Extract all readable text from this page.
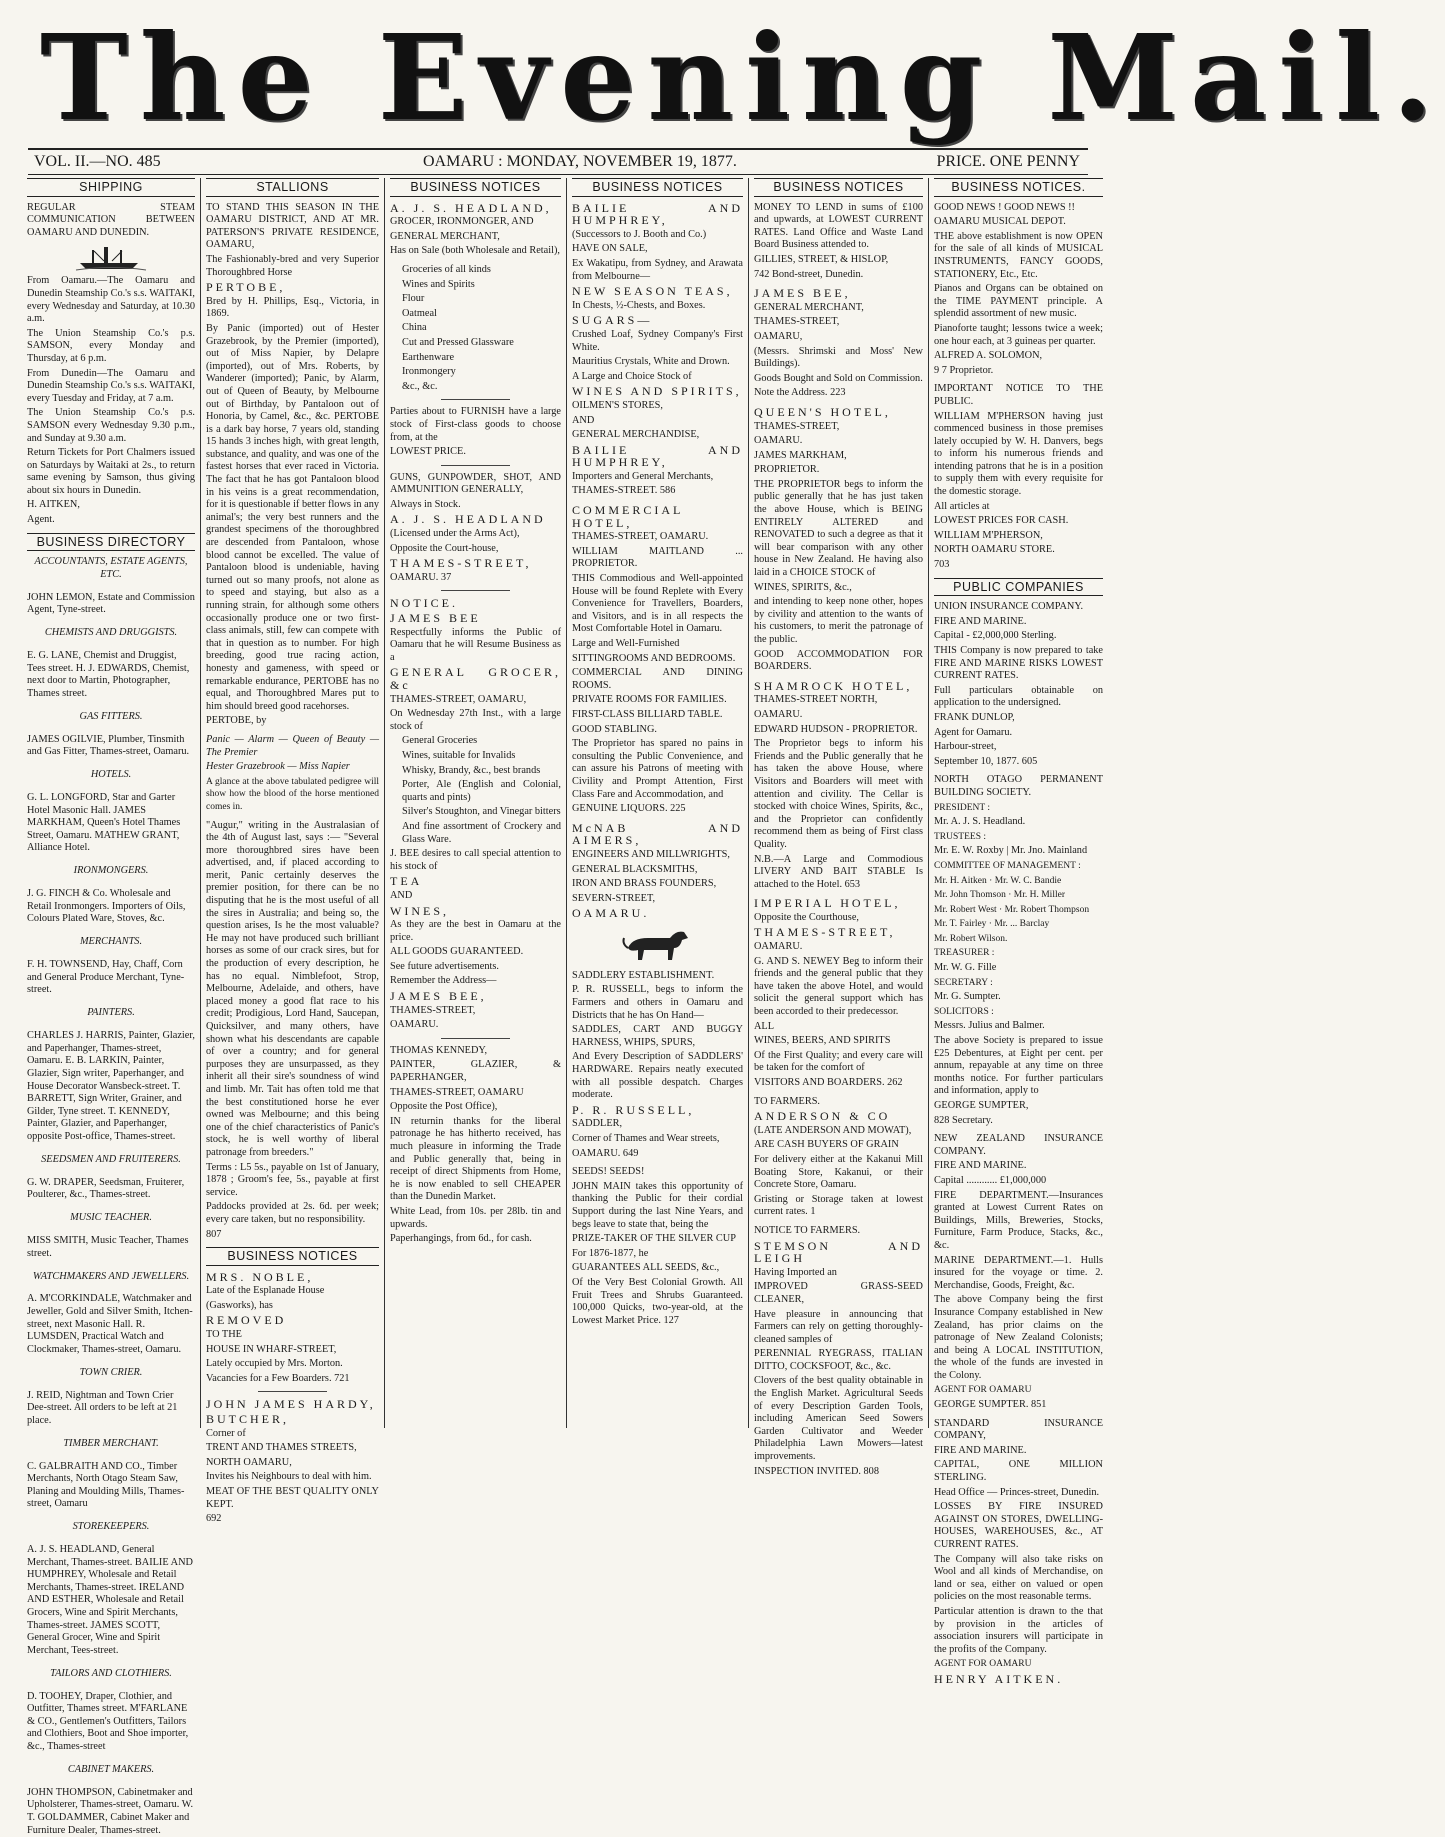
The Evening Mail.
VOL. II.—NO. 485	OAMARU : MONDAY, NOVEMBER 19, 1877.	PRICE. ONE PENNY
SHIPPING

REGULAR STEAM COMMUNICATION BETWEEN OAMARU AND DUNEDIN.

From Oamaru.—The Oamaru and Dunedin Steamship Co.'s s.s. WAITAKI, every Wednesday and Saturday, at 10.30 a.m.

The Union Steamship Co.'s p.s. SAMSON, every Monday and Thursday, at 6 p.m.

From Dunedin—The Oamaru and Dunedin Steamship Co.'s s.s. WAITAKI, every Tuesday and Friday, at 7 a.m.

The Union Steamship Co.'s p.s. SAMSON every Wednesday 9.30 p.m., and Sunday at 9.30 a.m.

Return Tickets for Port Chalmers issued on Saturdays by Waitaki at 2s., to return same evening by Samson, thus giving about six hours in Dunedin.

H. AITKEN,

Agent.

BUSINESS DIRECTORY
ACCOUNTANTS, ESTATE AGENTS, ETC.

JOHN LEMON, Estate and Commission Agent, Tyne-street.

CHEMISTS AND DRUGGISTS.

E. G. LANE, Chemist and Druggist, Tees street. H. J. EDWARDS, Chemist, next door to Martin, Photographer, Thames street.

GAS FITTERS.

JAMES OGILVIE, Plumber, Tinsmith and Gas Fitter, Thames-street, Oamaru.

HOTELS.

G. L. LONGFORD, Star and Garter Hotel Masonic Hall. JAMES MARKHAM, Queen's Hotel Thames Street, Oamaru. MATHEW GRANT, Alliance Hotel.

IRONMONGERS.

J. G. FINCH & Co. Wholesale and Retail Ironmongers. Importers of Oils, Colours Plated Ware, Stoves, &c.

MERCHANTS.

F. H. TOWNSEND, Hay, Chaff, Corn and General Produce Merchant, Tyne-street.

PAINTERS.

CHARLES J. HARRIS, Painter, Glazier, and Paperhanger, Thames-street, Oamaru. E. B. LARKIN, Painter, Glazier, Sign writer, Paperhanger, and House Decorator Wansbeck-street. T. BARRETT, Sign Writer, Grainer, and Gilder, Tyne street. T. KENNEDY, Painter, Glazier, and Paperhanger, opposite Post-office, Thames-street.

SEEDSMEN AND FRUITERERS.

G. W. DRAPER, Seedsman, Fruiterer, Poulterer, &c., Thames-street.

MUSIC TEACHER.

MISS SMITH, Music Teacher, Thames street.

WATCHMAKERS AND JEWELLERS.

A. M'CORKINDALE, Watchmaker and Jeweller, Gold and Silver Smith, Itchen-street, next Masonic Hall. R. LUMSDEN, Practical Watch and Clockmaker, Thames-street, Oamaru.

TOWN CRIER.

J. REID, Nightman and Town Crier Dee-street. All orders to be left at 21 place.

TIMBER MERCHANT.

C. GALBRAITH AND CO., Timber Merchants, North Otago Steam Saw, Planing and Moulding Mills, Thames-street, Oamaru

STOREKEEPERS.

A. J. S. HEADLAND, General Merchant, Thames-street. BAILIE AND HUMPHREY, Wholesale and Retail Merchants, Thames-street. IRELAND AND ESTHER, Wholesale and Retail Grocers, Wine and Spirit Merchants, Thames-street. JAMES SCOTT, General Grocer, Wine and Spirit Merchant, Tees-street.

TAILORS AND CLOTHIERS.

D. TOOHEY, Draper, Clothier, and Outfitter, Thames street. M'FARLANE & CO., Gentlemen's Outfitters, Tailors and Clothiers, Boot and Shoe importer, &c., Thames-street

CABINET MAKERS.

JOHN THOMPSON, Cabinetmaker and Upholsterer, Thames-street, Oamaru. W. T. GOLDAMMER, Cabinet Maker and Furniture Dealer, Thames-street.

STALLIONS

TO STAND THIS SEASON IN THE OAMARU DISTRICT, AND AT MR. PATERSON'S PRIVATE RESIDENCE, OAMARU,

The Fashionably-bred and very Superior Thoroughbred Horse

PERTOBE,

Bred by H. Phillips, Esq., Victoria, in 1869.

By Panic (imported) out of Hester Grazebrook, by the Premier (imported), out of Miss Napier, by Delapre (imported), out of Mrs. Roberts, by Wanderer (imported); Panic, by Alarm, out of Queen of Beauty, by Melbourne out of Birthday, by Pantaloon out of Honoria, by Camel, &c., &c. PERTOBE is a dark bay horse, 7 years old, standing 15 hands 3 inches high, with great length, substance, and quality, and was one of the fastest horses that ever raced in Victoria. The fact that he has got Pantaloon blood in his veins is a great recommendation, for it is questionable if better flows in any animal's; the very best runners and the grandest specimens of the thoroughbred are descended from Pantaloon, whose blood cannot be excelled. The value of Pantaloon blood is undeniable, having turned out so many proofs, not alone as to speed and staying, but also as a running strain, for although some others occasionally produce one or two first-class animals, still, few can compete with that in question as to number. For high breeding, good true racing action, honesty and gameness, with speed or remarkable endurance, PERTOBE has no equal, and Thoroughbred Mares put to him should breed good racehorses.

PERTOBE, by

Panic — Alarm — Queen of Beauty — The Premier

Hester Grazebrook — Miss Napier

A glance at the above tabulated pedigree will show how the blood of the horse mentioned comes in.

"Augur," writing in the Australasian of the 4th of August last, says :— "Several more thoroughbred sires have been advertised, and, if placed according to merit, Panic certainly deserves the premier position, for there can be no disputing that he is the most useful of all the sires in Australia; and being so, the question arises, Is he the most valuable? He may not have produced such brilliant horses as some of our crack sires, but for the production of every description, he has no equal. Nimblefoot, Strop, Melbourne, Adelaide, and others, have placed money a good flat race to his credit; Prodigious, Lord Hand, Saucepan, Quicksilver, and many others, have shown what his descendants are capable of over a country; and for general purposes they are unsurpassed, as they inherit all their sire's soundness of wind and limb. Mr. Tait has often told me that the best constitutioned horse he ever owned was Melbourne; and this being one of the chief characteristics of Panic's stock, he is well worthy of liberal patronage from breeders."

Terms : L5 5s., payable on 1st of January, 1878 ; Groom's fee, 5s., payable at first service.

Paddocks provided at 2s. 6d. per week; every care taken, but no responsibility.

807

BUSINESS NOTICES

MRS. NOBLE,

Late of the Esplanade House

(Gasworks), has

REMOVED

TO THE

HOUSE IN WHARF-STREET,

Lately occupied by Mrs. Morton.

Vacancies for a Few Boarders. 721

JOHN JAMES HARDY,

BUTCHER,

Corner of

TRENT AND THAMES STREETS,

NORTH OAMARU,

Invites his Neighbours to deal with him.

MEAT OF THE BEST QUALITY ONLY KEPT.

692

BUSINESS NOTICES

A. J. S. HEADLAND,

GROCER, IRONMONGER, AND

GENERAL MERCHANT,

Has on Sale (both Wholesale and Retail),

Groceries of all kinds

Wines and Spirits

Flour

Oatmeal

China

Cut and Pressed Glassware

Earthenware

Ironmongery

&c., &c.

Parties about to FURNISH have a large stock of First-class goods to choose from, at the

LOWEST PRICE.

GUNS, GUNPOWDER, SHOT, AND AMMUNITION GENERALLY,

Always in Stock.

A. J. S. HEADLAND

(Licensed under the Arms Act),

Opposite the Court-house,

THAMES-STREET,

OAMARU. 37

NOTICE.

JAMES BEE

Respectfully informs the Public of Oamaru that he will Resume Business as a

GENERAL GROCER, &c

THAMES-STREET, OAMARU,

On Wednesday 27th Inst., with a large stock of

General Groceries

Wines, suitable for Invalids

Whisky, Brandy, &c., best brands

Porter, Ale (English and Colonial, quarts and pints)

Silver's Stoughton, and Vinegar bitters

And fine assortment of Crockery and Glass Ware.

J. BEE desires to call special attention to his stock of

TEA

AND

WINES,

As they are the best in Oamaru at the price.

ALL GOODS GUARANTEED.

See future advertisements.

Remember the Address—

JAMES BEE,

THAMES-STREET,

OAMARU.

THOMAS KENNEDY,

PAINTER, GLAZIER, & PAPERHANGER,

THAMES-STREET, OAMARU

Opposite the Post Office),

IN returnin thanks for the liberal patronage he has hitherto received, has much pleasure in informing the Trade and Public generally that, being in receipt of direct Shipments from Home, he is now enabled to sell CHEAPER than the Dunedin Market.

White Lead, from 10s. per 28lb. tin and upwards.

Paperhangings, from 6d., for cash.

BUSINESS NOTICES

BAILIE AND HUMPHREY,

(Successors to J. Booth and Co.)

HAVE ON SALE,

Ex Wakatipu, from Sydney, and Arawata from Melbourne—

NEW SEASON TEAS,

In Chests, ½-Chests, and Boxes.

SUGARS—

Crushed Loaf, Sydney Company's First White.

Mauritius Crystals, White and Drown.

A Large and Choice Stock of

WINES AND SPIRITS,

OILMEN'S STORES,

AND

GENERAL MERCHANDISE,

BAILIE AND HUMPHREY,

Importers and General Merchants,

THAMES-STREET. 586

COMMERCIAL HOTEL,

THAMES-STREET, OAMARU.

WILLIAM MAITLAND ... PROPRIETOR.

THIS Commodious and Well-appointed House will be found Replete with Every Convenience for Travellers, Boarders, and Visitors, and is in all respects the Most Comfortable Hotel in Oamaru.

Large and Well-Furnished

SITTINGROOMS AND BEDROOMS.

COMMERCIAL AND DINING ROOMS.

PRIVATE ROOMS FOR FAMILIES.

FIRST-CLASS BILLIARD TABLE.

GOOD STABLING.

The Proprietor has spared no pains in consulting the Public Convenience, and can assure his Patrons of meeting with Civility and Prompt Attention, First Class Fare and Accommodation, and

GENUINE LIQUORS. 225

McNAB AND AIMERS,

ENGINEERS AND MILLWRIGHTS,

GENERAL BLACKSMITHS,

IRON AND BRASS FOUNDERS,

SEVERN-STREET,

OAMARU.

SADDLERY ESTABLISHMENT.

P. R. RUSSELL, begs to inform the Farmers and others in Oamaru and Districts that he has On Hand—

SADDLES, CART AND BUGGY HARNESS, WHIPS, SPURS,

And Every Description of SADDLERS' HARDWARE. Repairs neatly executed with all possible despatch. Charges moderate.

P. R. RUSSELL,

SADDLER,

Corner of Thames and Wear streets,

OAMARU. 649

SEEDS! SEEDS!

JOHN MAIN takes this opportunity of thanking the Public for their cordial Support during the last Nine Years, and begs leave to state that, being the

PRIZE-TAKER OF THE SILVER CUP

For 1876-1877, he

GUARANTEES ALL SEEDS, &c.,

Of the Very Best Colonial Growth. All Fruit Trees and Shrubs Guaranteed. 100,000 Quicks, two-year-old, at the Lowest Market Price. 127

BUSINESS NOTICES

MONEY TO LEND in sums of £100 and upwards, at LOWEST CURRENT RATES. Land Office and Waste Land Board Business attended to.

GILLIES, STREET, & HISLOP,

742 Bond-street, Dunedin.

JAMES BEE,

GENERAL MERCHANT,

THAMES-STREET,

OAMARU,

(Messrs. Shrimski and Moss' New Buildings).

Goods Bought and Sold on Commission.

Note the Address. 223

QUEEN'S HOTEL,

THAMES-STREET,

OAMARU.

JAMES MARKHAM,

PROPRIETOR.

THE PROPRIETOR begs to inform the public generally that he has just taken the above House, which is BEING ENTIRELY ALTERED and RENOVATED to such a degree as that it will bear comparison with any other house in New Zealand. He having also laid in a CHOICE STOCK of

WINES, SPIRITS, &c.,

and intending to keep none other, hopes by civility and attention to the wants of his customers, to merit the patronage of the public.

GOOD ACCOMMODATION FOR BOARDERS.

SHAMROCK HOTEL,

THAMES-STREET NORTH,

OAMARU.

EDWARD HUDSON - PROPRIETOR.

The Proprietor begs to inform his Friends and the Public generally that he has taken the above House, where Visitors and Boarders will meet with attention and civility. The Cellar is stocked with choice Wines, Spirits, &c., and the Proprietor can confidently recommend them as being of First class Quality.

N.B.—A Large and Commodious LIVERY AND BAIT STABLE Is attached to the Hotel. 653

IMPERIAL HOTEL,

Opposite the Courthouse,

THAMES-STREET,

OAMARU.

G. AND S. NEWEY Beg to inform their friends and the general public that they have taken the above Hotel, and would solicit the general support which has been accorded to their predecessor.

ALL

WINES, BEERS, AND SPIRITS

Of the First Quality; and every care will be taken for the comfort of

VISITORS AND BOARDERS. 262

TO FARMERS.

ANDERSON & CO

(LATE ANDERSON AND MOWAT),

ARE CASH BUYERS OF GRAIN

For delivery either at the Kakanui Mill Boating Store, Kakanui, or their Concrete Store, Oamaru.

Gristing or Storage taken at lowest current rates. 1

NOTICE TO FARMERS.

STEMSON AND LEIGH

Having Imported an

IMPROVED GRASS-SEED CLEANER,

Have pleasure in announcing that Farmers can rely on getting thoroughly-cleaned samples of

PERENNIAL RYEGRASS, ITALIAN DITTO, COCKSFOOT, &c., &c.

Clovers of the best quality obtainable in the English Market. Agricultural Seeds of every Description Garden Tools, including American Seed Sowers Garden Cultivator and Weeder Philadelphia Lawn Mowers—latest improvements.

INSPECTION INVITED. 808

BUSINESS NOTICES.

GOOD NEWS ! GOOD NEWS !!

OAMARU MUSICAL DEPOT.

THE above establishment is now OPEN for the sale of all kinds of MUSICAL INSTRUMENTS, FANCY GOODS, STATIONERY, Etc., Etc.

Pianos and Organs can be obtained on the TIME PAYMENT principle. A splendid assortment of new music.

Pianoforte taught; lessons twice a week; one hour each, at 3 guineas per quarter.

ALFRED A. SOLOMON,

9 7 Proprietor.

IMPORTANT NOTICE TO THE PUBLIC.

WILLIAM M'PHERSON having just commenced business in those premises lately occupied by W. H. Danvers, begs to inform his numerous friends and intending patrons that he is in a position to supply them with every requisite for the domestic storage.

All articles at

LOWEST PRICES FOR CASH.

WILLIAM M'PHERSON,

NORTH OAMARU STORE.

703

PUBLIC COMPANIES

UNION INSURANCE COMPANY.

FIRE AND MARINE.

Capital - £2,000,000 Sterling.

THIS Company is now prepared to take FIRE AND MARINE RISKS LOWEST CURRENT RATES.

Full particulars obtainable on application to the undersigned.

FRANK DUNLOP,

Agent for Oamaru.

Harbour-street,

September 10, 1877. 605

NORTH OTAGO PERMANENT BUILDING SOCIETY.

PRESIDENT :

Mr. A. J. S. Headland.

TRUSTEES :

Mr. E. W. Roxby | Mr. Jno. Mainland

COMMITTEE OF MANAGEMENT :

Mr. H. Aitken · Mr. W. C. Bandie

Mr. John Thomson · Mr. H. Miller

Mr. Robert West · Mr. Robert Thompson

Mr. T. Fairley · Mr. ... Barclay

Mr. Robert Wilson.

TREASURER :

Mr. W. G. Fille

SECRETARY :

Mr. G. Sumpter.

SOLICITORS :

Messrs. Julius and Balmer.

The above Society is prepared to issue £25 Debentures, at Eight per cent. per annum, repayable at any time on three months notice. For further particulars and information, apply to

GEORGE SUMPTER,

828 Secretary.

NEW ZEALAND INSURANCE COMPANY.

FIRE AND MARINE.

Capital ............ £1,000,000

FIRE DEPARTMENT.—Insurances granted at Lowest Current Rates on Buildings, Mills, Breweries, Stocks, Furniture, Farm Produce, Stacks, &c., &c.

MARINE DEPARTMENT.—1. Hulls insured for the voyage or time. 2. Merchandise, Goods, Freight, &c.

The above Company being the first Insurance Company established in New Zealand, has prior claims on the patronage of New Zealand Colonists; and being A LOCAL INSTITUTION, the whole of the funds are invested in the Colony.

AGENT FOR OAMARU

GEORGE SUMPTER. 851

STANDARD INSURANCE COMPANY,

FIRE AND MARINE.

CAPITAL, ONE MILLION STERLING.

Head Office — Princes-street, Dunedin.

LOSSES BY FIRE INSURED AGAINST ON STORES, DWELLING-HOUSES, WAREHOUSES, &c., AT CURRENT RATES.

The Company will also take risks on Wool and all kinds of Merchandise, on land or sea, either on valued or open policies on the most reasonable terms.

Particular attention is drawn to the that by provision in the articles of association insurers will participate in the profits of the Company.

AGENT FOR OAMARU

HENRY AITKEN.
